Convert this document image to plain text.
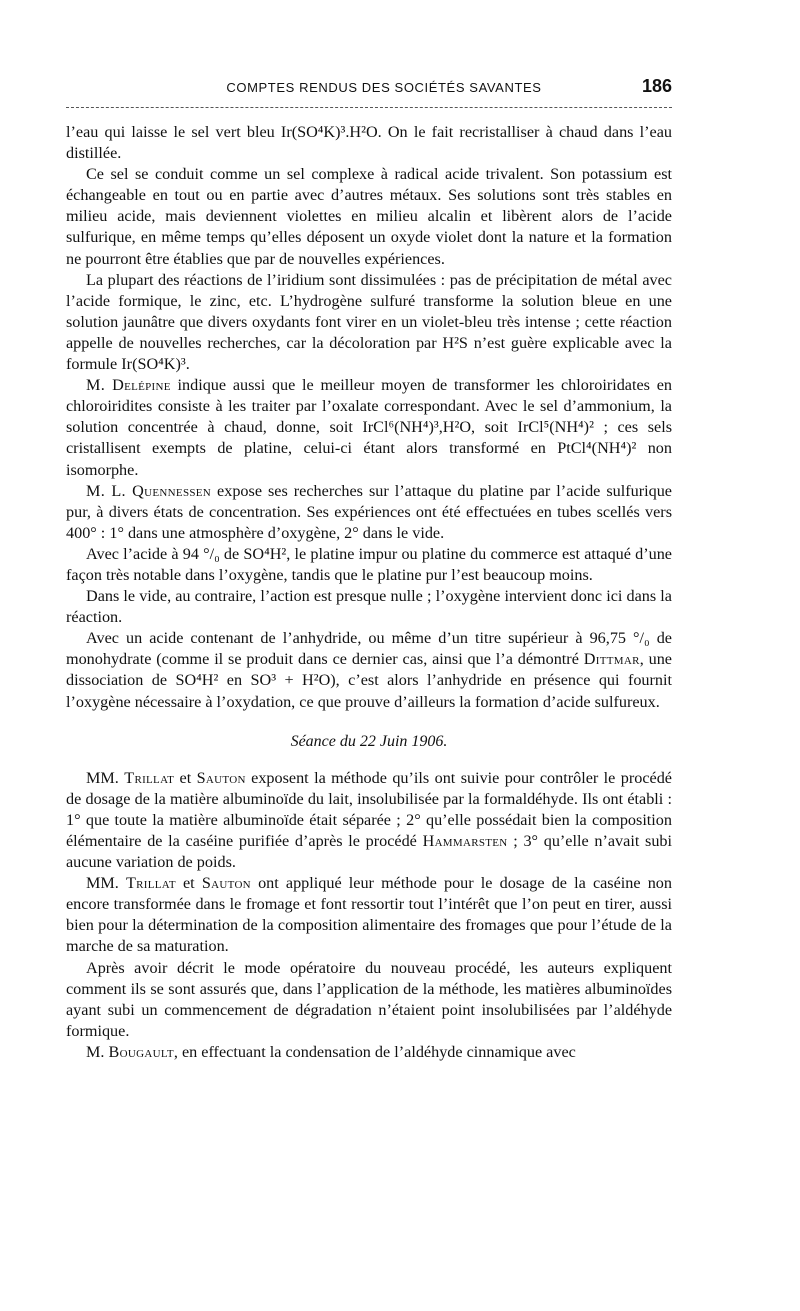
COMPTES RENDUS DES SOCIÉTÉS SAVANTES	186

l’eau qui laisse le sel vert bleu Ir(SO⁴K)³.H²O. On le fait recristalliser à chaud dans l’eau distillée.

Ce sel se conduit comme un sel complexe à radical acide trivalent. Son potassium est échangeable en tout ou en partie avec d’autres métaux. Ses solutions sont très stables en milieu acide, mais deviennent violettes en milieu alcalin et libèrent alors de l’acide sulfurique, en même temps qu’elles déposent un oxyde violet dont la nature et la formation ne pourront être établies que par de nouvelles expériences.

La plupart des réactions de l’iridium sont dissimulées : pas de précipitation de métal avec l’acide formique, le zinc, etc. L’hydrogène sulfuré transforme la solution bleue en une solution jaunâtre que divers oxydants font virer en un violet-bleu très intense ; cette réaction appelle de nouvelles recherches, car la décoloration par H²S n’est guère explicable avec la formule Ir(SO⁴K)³.

M. Delépine indique aussi que le meilleur moyen de transformer les chloroiridates en chloroiridites consiste à les traiter par l’oxalate correspondant. Avec le sel d’ammonium, la solution concentrée à chaud, donne, soit IrCl⁶(NH⁴)³,H²O, soit IrCl⁵(NH⁴)² ; ces sels cristallisent exempts de platine, celui-ci étant alors transformé en PtCl⁴(NH⁴)² non isomorphe.

M. L. Quennessen expose ses recherches sur l’attaque du platine par l’acide sulfurique pur, à divers états de concentration. Ses expériences ont été effectuées en tubes scellés vers 400° : 1° dans une atmosphère d’oxygène, 2° dans le vide.

Avec l’acide à 94 °/₀ de SO⁴H², le platine impur ou platine du commerce est attaqué d’une façon très notable dans l’oxygène, tandis que le platine pur l’est beaucoup moins.

Dans le vide, au contraire, l’action est presque nulle ; l’oxygène intervient donc ici dans la réaction.

Avec un acide contenant de l’anhydride, ou même d’un titre supérieur à 96,75 °/₀ de monohydrate (comme il se produit dans ce dernier cas, ainsi que l’a démontré Dittmar, une dissociation de SO⁴H² en SO³ + H²O), c’est alors l’anhydride en présence qui fournit l’oxygène nécessaire à l’oxydation, ce que prouve d’ailleurs la formation d’acide sulfureux.

Séance du 22 Juin 1906.

MM. Trillat et Sauton exposent la méthode qu’ils ont suivie pour contrôler le procédé de dosage de la matière albuminoïde du lait, insolubilisée par la formaldéhyde. Ils ont établi : 1° que toute la matière albuminoïde était séparée ; 2° qu’elle possédait bien la composition élémentaire de la caséine purifiée d’après le procédé Hammarsten ; 3° qu’elle n’avait subi aucune variation de poids.

MM. Trillat et Sauton ont appliqué leur méthode pour le dosage de la caséine non encore transformée dans le fromage et font ressortir tout l’intérêt que l’on peut en tirer, aussi bien pour la détermination de la composition alimentaire des fromages que pour l’étude de la marche de sa maturation.

Après avoir décrit le mode opératoire du nouveau procédé, les auteurs expliquent comment ils se sont assurés que, dans l’application de la méthode, les matières albuminoïdes ayant subi un commencement de dégradation n’étaient point insolubilisées par l’aldéhyde formique.

M. Bougault, en effectuant la condensation de l’aldéhyde cinnamique avec
